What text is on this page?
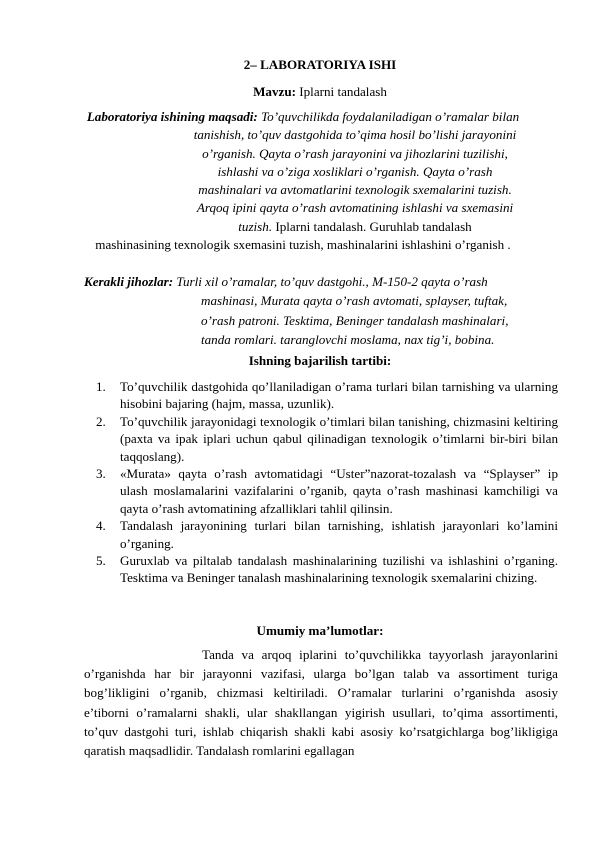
2– LABORATORIYA ISHI
Mavzu: Iplarni tandalash
Laboratoriya ishining maqsadi: To’quvchilikda foydalaniladigan o’ramalar bilan
tanishish, to’quv dastgohida to’qima hosil bo’lishi jarayonini
o’rganish. Qayta o’rash jarayonini va jihozlarini tuzilishi,
ishlashi va o’ziga xosliklari o’rganish. Qayta o’rash
mashinalari va avtomatlarini texnologik sxemalarini tuzish.
Arqoq ipini qayta o’rash avtomatining ishlashi va sxemasini
tuzish. Iplarni tandalash. Guruhlab tandalash
mashinasining texnologik sxemasini tuzish, mashinalarini ishlashini o’rganish .
Kerakli jihozlar: Turli xil o’ramalar, to’quv dastgohi., M-150-2 qayta o’rash
mashinasi, Murata qayta o’rash avtomati, splayser, tuftak,
o’rash patroni. Tesktima, Beninger tandalash mashinalari,
tanda romlari. taranglovchi moslama, nax tig’i, bobina.
Ishning bajarilish tartibi:
1. To’quvchilik dastgohida qo’llaniladigan o’rama turlari bilan tarnishing va ularning hisobini bajaring (hajm, massa, uzunlik).
2. To’quvchilik jarayonidagi texnologik o’timlari bilan tanishing, chizmasini keltiring (paxta va ipak iplari uchun qabul qilinadigan texnologik o’timlarni bir-biri bilan taqqoslang).
3. «Murata» qayta o’rash avtomatidagi “Uster”nazorat-tozalash va “Splayser” ip ulash moslamalarini vazifalarini o’rganib, qayta o’rash mashinasi kamchiligi va qayta o’rash avtomatining afzalliklari tahlil qilinsin.
4. Tandalash jarayonining turlari bilan tarnishing, ishlatish jarayonlari ko’lamini o’rganing.
5. Guruxlab va piltalab tandalash mashinalarining tuzilishi va ishlashini o’rganing. Tesktima va Beninger tanalash mashinalarining texnologik sxemalarini chizing.
Umumiy ma’lumotlar:
Tanda va arqoq iplarini to’quvchilikka tayyorlash jarayonlarini o’rganishda har bir jarayonni vazifasi, ularga bo’lgan talab va assortiment turiga bog’likligini o’rganib, chizmasi keltiriladi. O’ramalar turlarini o’rganishda asosiy e’tiborni o’ramalarni shakli, ular shakllangan yigirish usullari, to’qima assortimenti, to’quv dastgohi turi, ishlab chiqarish shakli kabi asosiy ko’rsatgichlarga bog’likligiga qaratish maqsadlidir. Tandalash romlarini egallagan
